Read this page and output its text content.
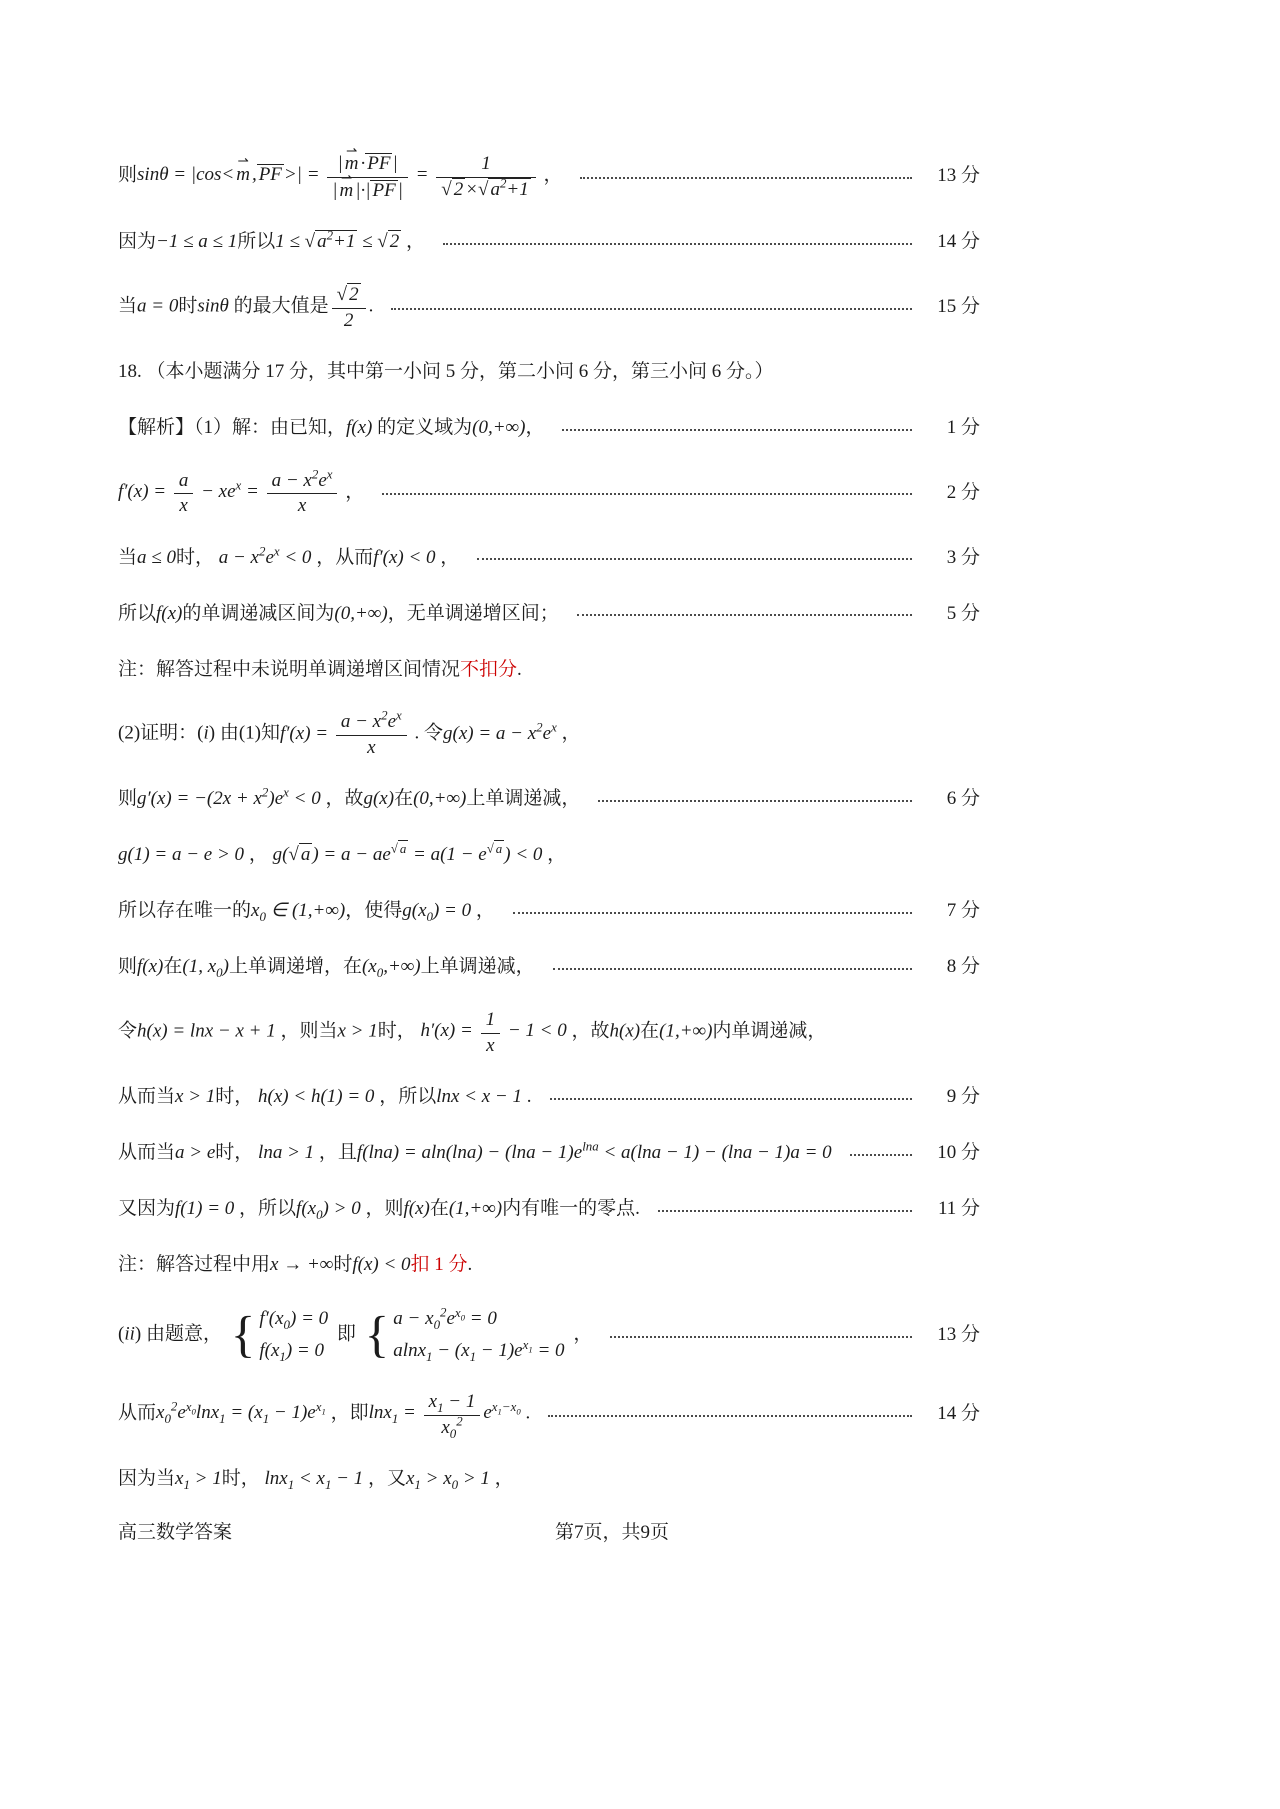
则sinθ = |cos< m ⇀ , PF >| = $\frac{| m ⇀ \cdot PF |}{| m ⇀ |\cdot| PF |} = \frac{1}{√ 2 \times√ a^2+1}$ ，	13 分
因为−1 ≤ a ≤ 1所以1 ≤ √ $a^2+1$ ≤ √ 2 ，	14 分
当a = 0时sinθ 的最大值是 $\frac{√ 2}{2}$ .	15 分
18. （本小题满分 17 分，其中第一小问 5 分，第二小问 6 分，第三小问 6 分。）
【解析】（1）解：由已知，f(x) 的定义域为(0,+∞)，	1 分
$f'(x) = \frac{a}{x} - xe^x = \frac{a - x^2e^x}{x}$ ，	2 分
当a ≤ 0时， $a - x^2e^x < 0$ ，从而f′(x) < 0 ，	3 分
所以f(x)的单调递减区间为(0,+∞)，无单调递增区间；	5 分
注：解答过程中未说明单调递增区间情况不扣分.
(2)证明：(i) 由(1)知$f'(x) = \frac{a - x^2e^x}{x}$ . 令$g(x) = a - x^2e^x$ ，
则$g'(x) = -(2x + x^2)e^x < 0$ ，故g(x)在(0,+∞)上单调递减，	6 分
g(1) = a − e > 0 ， g(√ a ) = $a - ae^{√ a} = a(1 - e^{√ a}$ ) < 0 ，
所以存在唯一的$x_0$ ∈ (1,+∞)，使得$g(x_0) = 0$ ，	7 分
则f(x)在(1, $x_0$)上单调递增，在$(x_0,+\infty)$上单调递减，	8 分
令h(x) = lnx − x + 1 ，则当x > 1时， $h'(x) = \frac{1}{x} - 1 < 0$ ，故h(x)在(1,+∞)内单调递减，
从而当x > 1时， h(x) < h(1) = 0 ，所以lnx < x − 1 .	9 分
从而当a > e时， lna > 1 ，且$f(\ln a) = aln(\ln a) - (\ln a - 1)e^{lna} < a(\ln a - 1) - (\ln a - 1)a = 0$	10 分
又因为f(1) = 0 ，所以$f(x_0) > 0$ ，则f(x)在(1,+∞)内有唯一的零点.	11 分
注：解答过程中用x → +∞时f(x) < 0扣 1 分.
(ii) 由题意， { $f'(x_0) = 0$
$f(x_1) = 0$
即 { $a - x_0^2e^{x_0} = 0$
$alnx_1 - (x_1 - 1)e^{x_1} = 0$
，	13 分
从而$x_0^2e^{x_0}\ln x_1 = (x_1 - 1)e^{x_1}$ ，即$\ln x_1 = \frac{x_1 - 1}{x_0^2} e^{x_1-x_0}$ .	14 分
因为当$x_1 > 1$时， $\ln x_1 < x_1 - 1$ ，又$x_1 > x_0 > 1$ ，
高三数学答案	第7页，共9页
